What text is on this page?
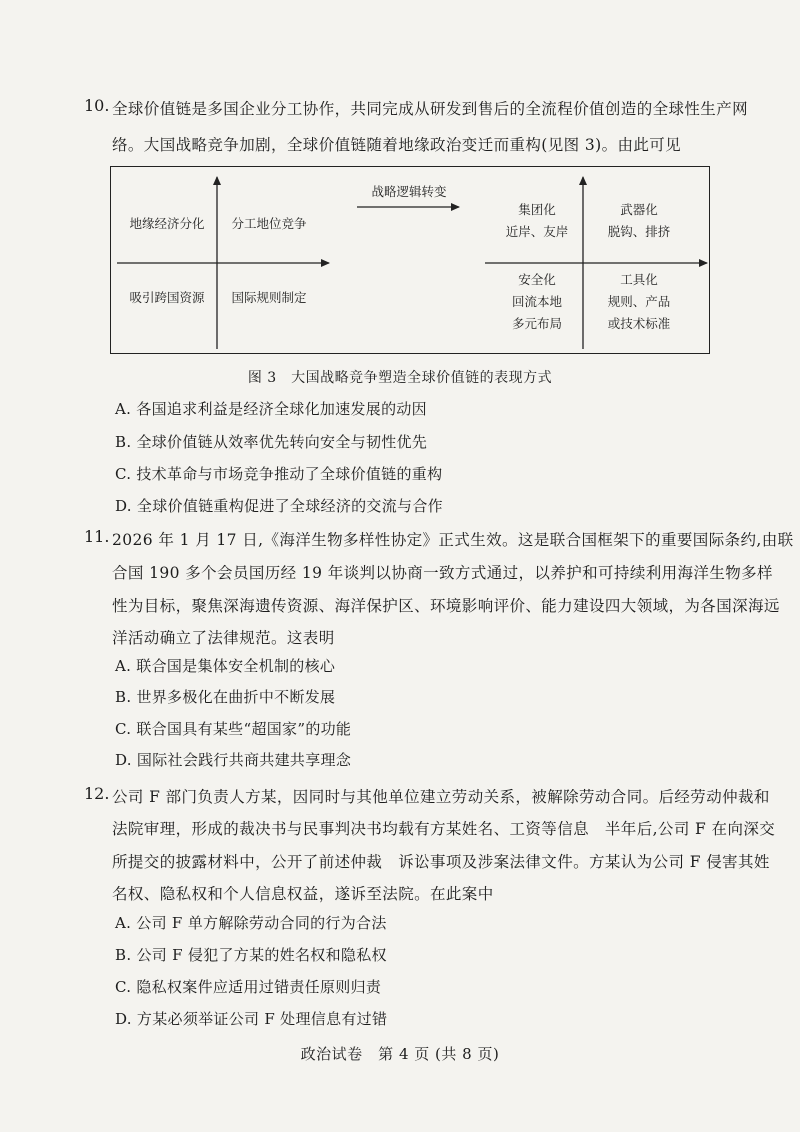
10. 全球价值链是多国企业分工协作，共同完成从研发到售后的全流程价值创造的全球性生产网
络。大国战略竞争加剧，全球价值链随着地缘政治变迁而重构(见图 3)。由此可见
地缘经济分化	分工地位竞争
吸引跨国资源	国际规则制定
战略逻辑转变
集团化
近岸、友岸
武器化
脱钩、排挤
安全化
回流本地
多元布局
工具化
规则、产品
或技术标准
图 3　大国战略竞争塑造全球价值链的表现方式
A. 各国追求利益是经济全球化加速发展的动因
B. 全球价值链从效率优先转向安全与韧性优先
C. 技术革命与市场竞争推动了全球价值链的重构
D. 全球价值链重构促进了全球经济的交流与合作
11. 2026 年 1 月 17 日,《海洋生物多样性协定》正式生效。这是联合国框架下的重要国际条约,由联
合国 190 多个会员国历经 19 年谈判以协商一致方式通过，以养护和可持续利用海洋生物多样
性为目标，聚焦深海遗传资源、海洋保护区、环境影响评价、能力建设四大领域，为各国深海远
洋活动确立了法律规范。这表明
A. 联合国是集体安全机制的核心
B. 世界多极化在曲折中不断发展
C. 联合国具有某些“超国家”的功能
D. 国际社会践行共商共建共享理念
12. 公司 F 部门负责人方某，因同时与其他单位建立劳动关系，被解除劳动合同。后经劳动仲裁和
法院审理，形成的裁决书与民事判决书均载有方某姓名、工资等信息　半年后,公司 F 在向深交
所提交的披露材料中，公开了前述仲裁　诉讼事项及涉案法律文件。方某认为公司 F 侵害其姓
名权、隐私权和个人信息权益，遂诉至法院。在此案中
A. 公司 F 单方解除劳动合同的行为合法
B. 公司 F 侵犯了方某的姓名权和隐私权
C. 隐私权案件应适用过错责任原则归责
D. 方某必须举证公司 F 处理信息有过错
政治试卷　第 4 页 (共 8 页)
